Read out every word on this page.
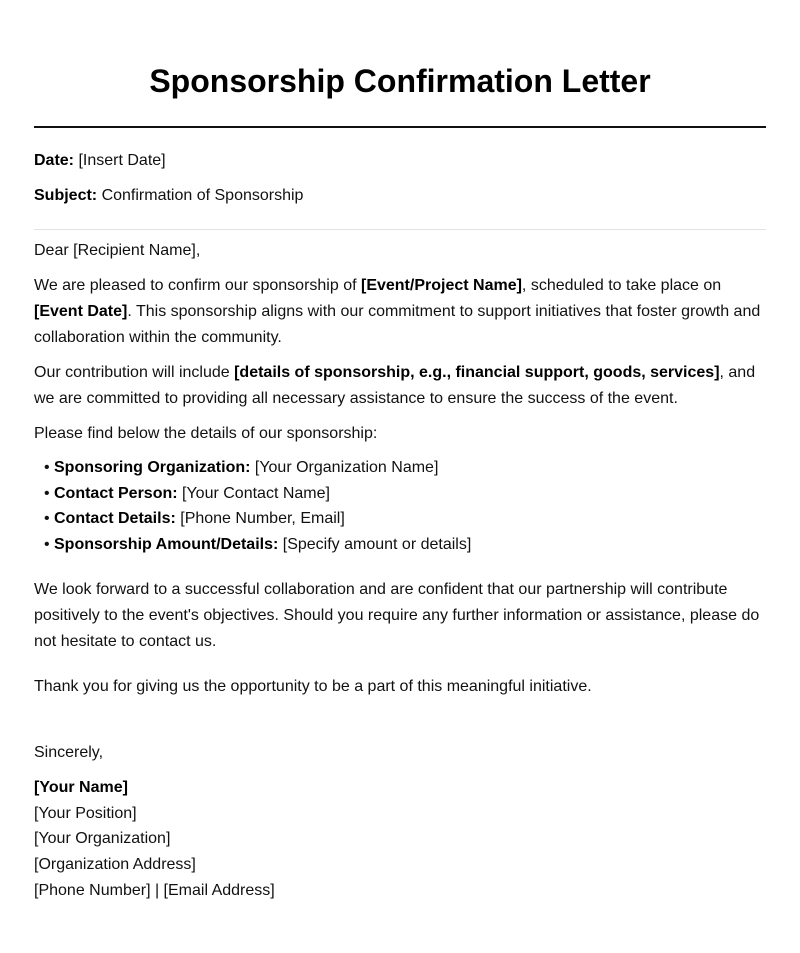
Sponsorship Confirmation Letter

Date: [Insert Date]

Subject: Confirmation of Sponsorship

Dear [Recipient Name],

We are pleased to confirm our sponsorship of [Event/Project Name], scheduled to take place on [Event Date]. This sponsorship aligns with our commitment to support initiatives that foster growth and collaboration within the community.

Our contribution will include [details of sponsorship, e.g., financial support, goods, services], and we are committed to providing all necessary assistance to ensure the success of the event.

Please find below the details of our sponsorship:

• Sponsoring Organization: [Your Organization Name]
• Contact Person: [Your Contact Name]
• Contact Details: [Phone Number, Email]
• Sponsorship Amount/Details: [Specify amount or details]

We look forward to a successful collaboration and are confident that our partnership will contribute positively to the event's objectives. Should you require any further information or assistance, please do not hesitate to contact us.

Thank you for giving us the opportunity to be a part of this meaningful initiative.

Sincerely,

[Your Name]
[Your Position]
[Your Organization]
[Organization Address]
[Phone Number] | [Email Address]
